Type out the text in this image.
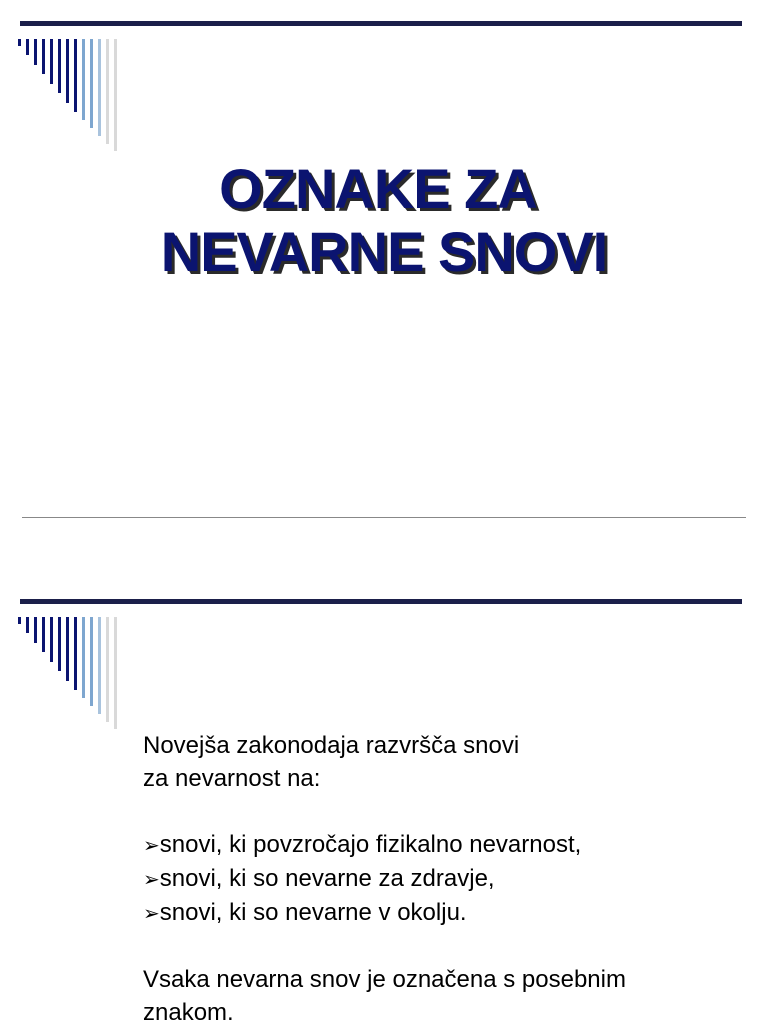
OZNAKE ZA
NEVARNE SNOVI

Novejša zakonodaja razvršča snovi
za nevarnost na:

➢snovi, ki povzročajo fizikalno nevarnost,
➢snovi, ki so nevarne za zdravje,
➢snovi, ki so nevarne v okolju.

Vsaka nevarna snov je označena s posebnim
znakom.
